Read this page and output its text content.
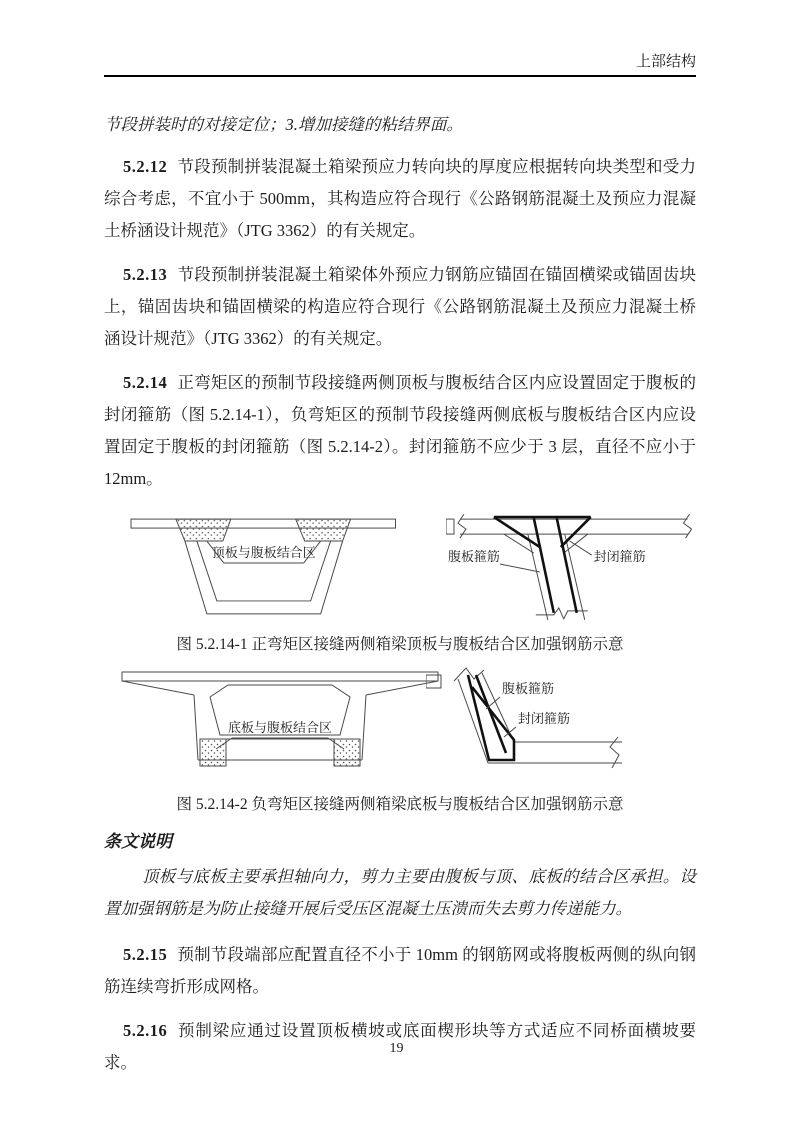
上部结构

节段拼装时的对接定位；3.增加接缝的粘结界面。

5.2.12 节段预制拼装混凝土箱梁预应力转向块的厚度应根据转向块类型和受力综合考虑，不宜小于 500mm，其构造应符合现行《公路钢筋混凝土及预应力混凝土桥涵设计规范》（JTG 3362）的有关规定。

5.2.13 节段预制拼装混凝土箱梁体外预应力钢筋应锚固在锚固横梁或锚固齿块上，锚固齿块和锚固横梁的构造应符合现行《公路钢筋混凝土及预应力混凝土桥涵设计规范》（JTG 3362）的有关规定。

5.2.14 正弯矩区的预制节段接缝两侧顶板与腹板结合区内应设置固定于腹板的封闭箍筋（图 5.2.14-1），负弯矩区的预制节段接缝两侧底板与腹板结合区内应设置固定于腹板的封闭箍筋（图 5.2.14-2）。封闭箍筋不应少于 3 层，直径不应小于 12mm。

顶板与腹板结合区	腹板箍筋	封闭箍筋

图 5.2.14-1 正弯矩区接缝两侧箱梁顶板与腹板结合区加强钢筋示意

底板与腹板结合区
腹板箍筋
封闭箍筋

图 5.2.14-2 负弯矩区接缝两侧箱梁底板与腹板结合区加强钢筋示意

条文说明

顶板与底板主要承担轴向力，剪力主要由腹板与顶、底板的结合区承担。设置加强钢筋是为防止接缝开展后受压区混凝土压溃而失去剪力传递能力。

5.2.15 预制节段端部应配置直径不小于 10mm 的钢筋网或将腹板两侧的纵向钢筋连续弯折形成网格。

5.2.16 预制梁应通过设置顶板横坡或底面楔形块等方式适应不同桥面横坡要求。

19
